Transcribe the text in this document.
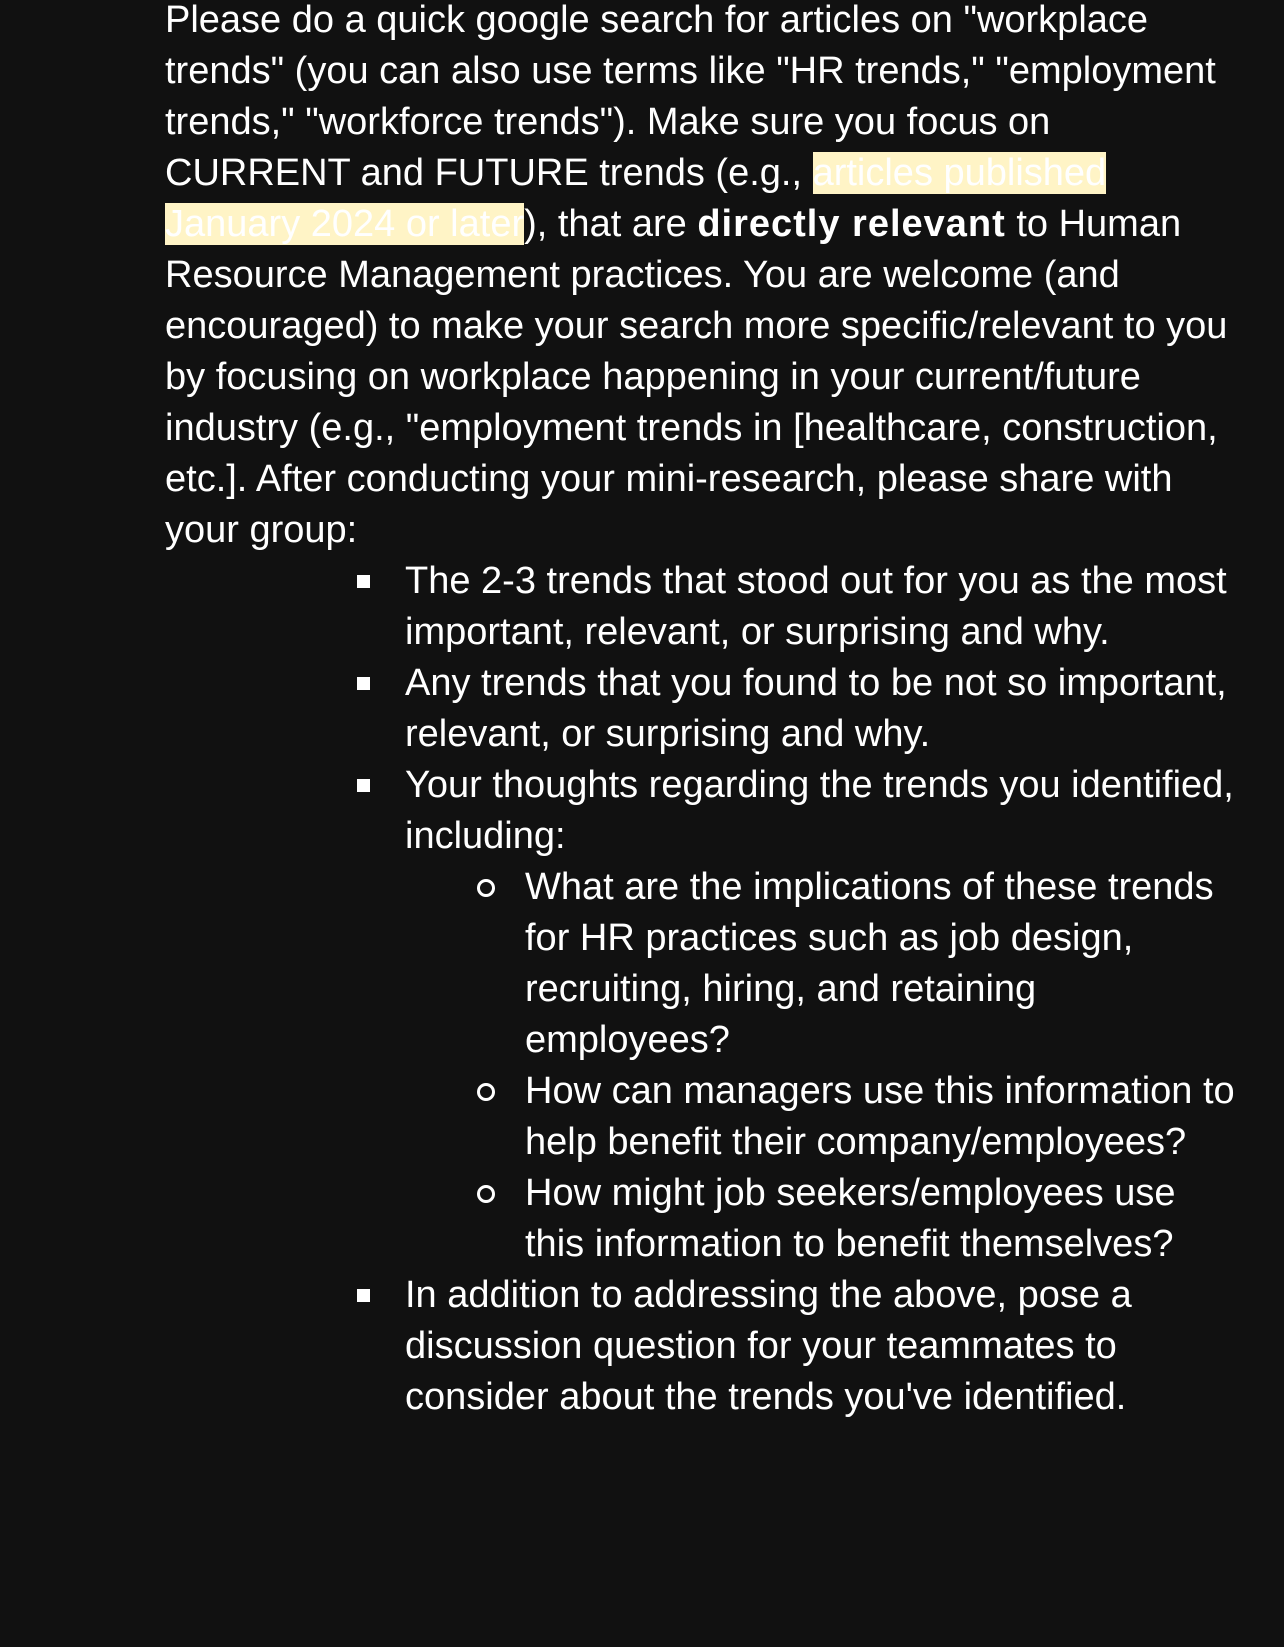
Please do a quick google search for articles on "workplace trends" (you can also use terms like "HR trends," "employment trends," "workforce trends"). Make sure you focus on CURRENT and FUTURE trends (e.g., articles published January 2024 or later), that are directly relevant to Human Resource Management practices. You are welcome (and encouraged) to make your search more specific/relevant to you by focusing on workplace happening in your current/future industry (e.g., "employment trends in [healthcare, construction, etc.]. After conducting your mini-research, please share with your group:

The 2-3 trends that stood out for you as the most important, relevant, or surprising and why.
Any trends that you found to be not so important, relevant, or surprising and why.
Your thoughts regarding the trends you identified, including:
What are the implications of these trends for HR practices such as job design, recruiting, hiring, and retaining employees?
How can managers use this information to help benefit their company/employees?
How might job seekers/employees use this information to benefit themselves?
In addition to addressing the above, pose a discussion question for your teammates to consider about the trends you've identified.
